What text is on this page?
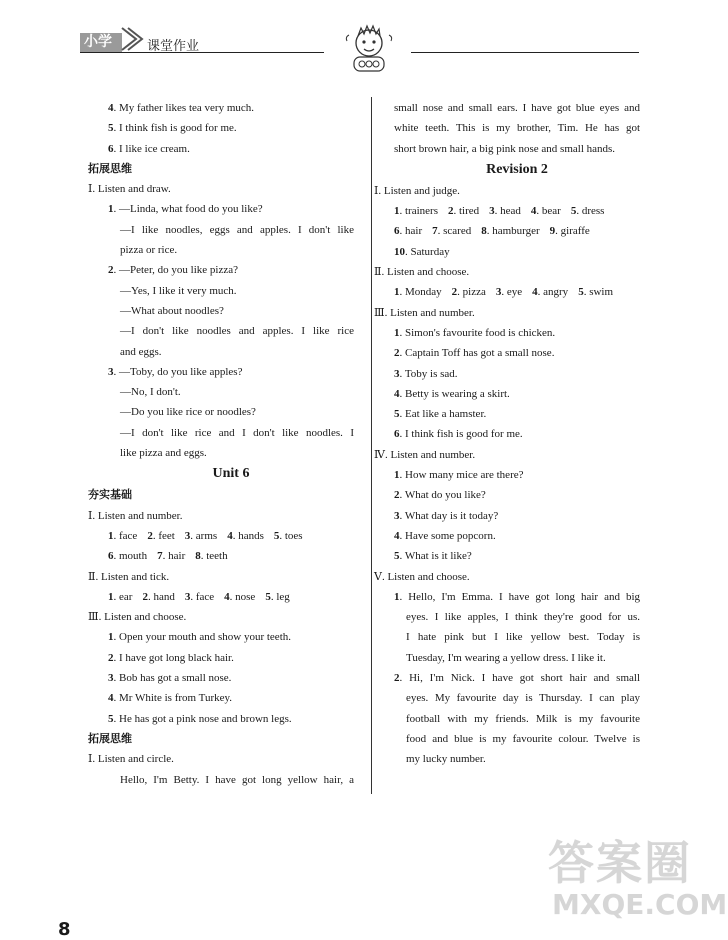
小学	课堂作业
4. My father likes tea very much.
5. I think fish is good for me.
6. I like ice cream.
拓展思维
Ⅰ. Listen and draw.
1. —Linda, what food do you like?
—I like noodles, eggs and apples. I don't like
pizza or rice.
2. —Peter, do you like pizza?
—Yes, I like it very much.
—What about noodles?
—I don't like noodles and apples. I like rice
and eggs.
3. —Toby, do you like apples?
—No, I don't.
—Do you like rice or noodles?
—I don't like rice and I don't like noodles. I
like pizza and eggs.
Unit 6
夯实基础
Ⅰ. Listen and number.
1. face 2. feet 3. arms 4. hands 5. toes
6. mouth 7. hair 8. teeth
Ⅱ. Listen and tick.
1. ear 2. hand 3. face 4. nose 5. leg
Ⅲ. Listen and choose.
1. Open your mouth and show your teeth.
2. I have got long black hair.
3. Bob has got a small nose.
4. Mr White is from Turkey.
5. He has got a pink nose and brown legs.
拓展思维
Ⅰ. Listen and circle.
Hello, I'm Betty. I have got long yellow hair, a
small nose and small ears. I have got blue eyes and
white teeth. This is my brother, Tim. He has got
short brown hair, a big pink nose and small hands.
Revision 2
Ⅰ. Listen and judge.
1. trainers 2. tired 3. head 4. bear 5. dress
6. hair 7. scared 8. hamburger 9. giraffe
10. Saturday
Ⅱ. Listen and choose.
1. Monday 2. pizza 3. eye 4. angry 5. swim
Ⅲ. Listen and number.
1. Simon's favourite food is chicken.
2. Captain Toff has got a small nose.
3. Toby is sad.
4. Betty is wearing a skirt.
5. Eat like a hamster.
6. I think fish is good for me.
Ⅳ. Listen and number.
1. How many mice are there?
2. What do you like?
3. What day is it today?
4. Have some popcorn.
5. What is it like?
Ⅴ. Listen and choose.
1. Hello, I'm Emma. I have got long hair and big
eyes. I like apples, I think they're good for us.
I hate pink but I like yellow best. Today is
Tuesday, I'm wearing a yellow dress. I like it.
2. Hi, I'm Nick. I have got short hair and small
eyes. My favourite day is Thursday. I can play
football with my friends. Milk is my favourite
food and blue is my favourite colour. Twelve is
my lucky number.
8
答案圈
MXQE.COM
